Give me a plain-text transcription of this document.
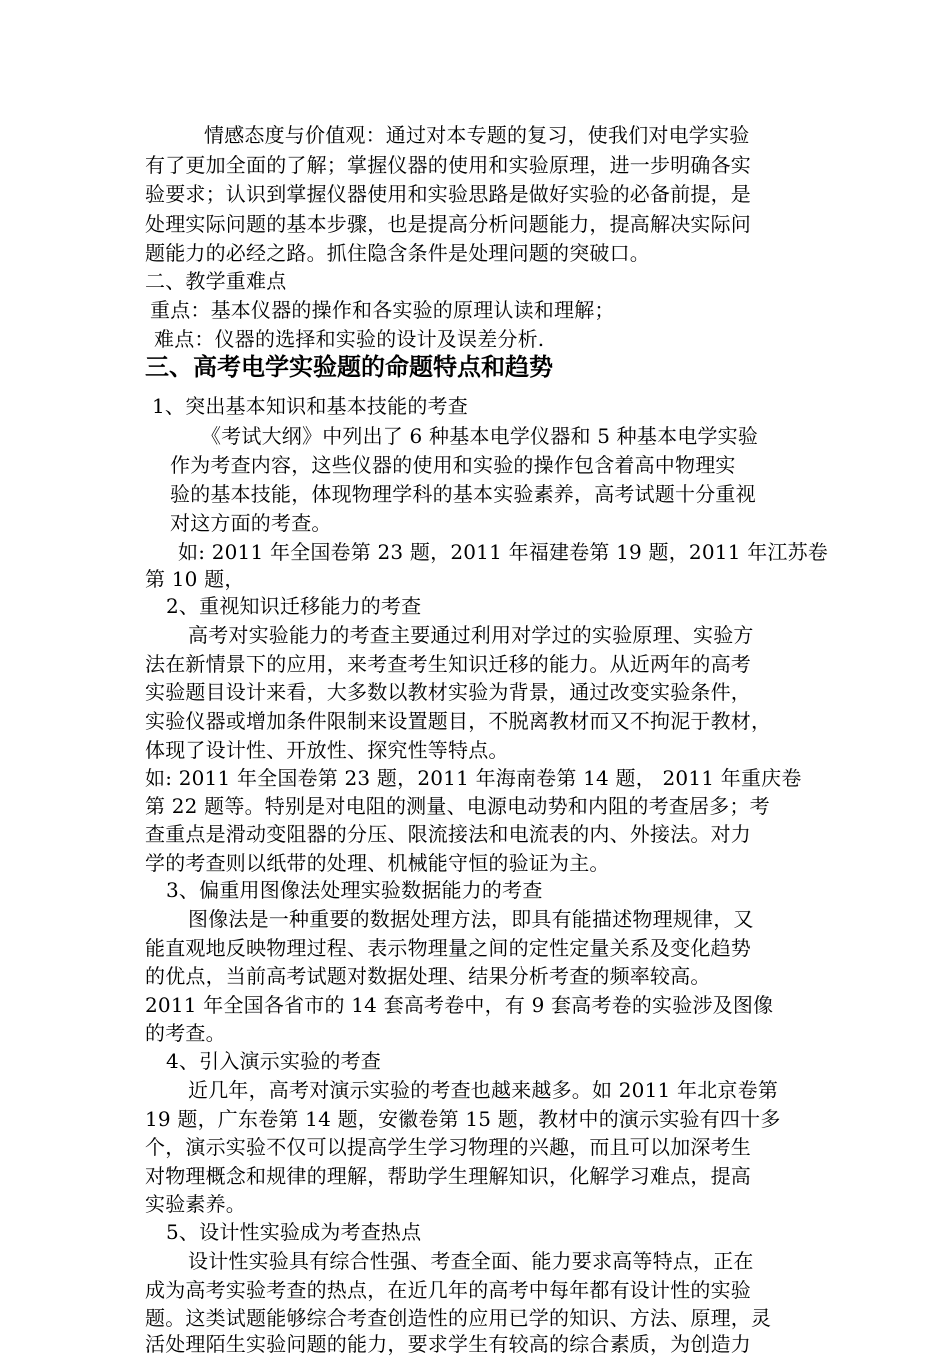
情感态度与价值观：通过对本专题的复习，使我们对电学实验
有了更加全面的了解；掌握仪器的使用和实验原理，进一步明确各实
验要求；认识到掌握仪器使用和实验思路是做好实验的必备前提，是
处理实际问题的基本步骤，也是提高分析问题能力，提高解决实际问
题能力的必经之路。抓住隐含条件是处理问题的突破口。
二、教学重难点
重点：基本仪器的操作和各实验的原理认读和理解；
难点：仪器的选择和实验的设计及误差分析.
三、高考电学实验题的命题特点和趋势
1、突出基本知识和基本技能的考查
《考试大纲》中列出了 6 种基本电学仪器和 5 种基本电学实验
作为考查内容，这些仪器的使用和实验的操作包含着高中物理实
验的基本技能，体现物理学科的基本实验素养，高考试题十分重视
对这方面的考查。
如: 2011 年全国卷第 23 题，2011 年福建卷第 19 题，2011 年江苏卷
第 10 题，
2、重视知识迁移能力的考查
高考对实验能力的考查主要通过利用对学过的实验原理、实验方
法在新情景下的应用，来考查考生知识迁移的能力。从近两年的高考
实验题目设计来看，大多数以教材实验为背景，通过改变实验条件，
实验仪器或增加条件限制来设置题目，不脱离教材而又不拘泥于教材，
体现了设计性、开放性、探究性等特点。
如: 2011 年全国卷第 23 题，2011 年海南卷第 14 题， 2011 年重庆卷
第 22 题等。特别是对电阻的测量、电源电动势和内阻的考查居多；考
查重点是滑动变阻器的分压、限流接法和电流表的内、外接法。对力
学的考查则以纸带的处理、机械能守恒的验证为主。
3、偏重用图像法处理实验数据能力的考查
图像法是一种重要的数据处理方法，即具有能描述物理规律，又
能直观地反映物理过程、表示物理量之间的定性定量关系及变化趋势
的优点，当前高考试题对数据处理、结果分析考查的频率较高。
2011 年全国各省市的 14 套高考卷中，有 9 套高考卷的实验涉及图像
的考查。
4、引入演示实验的考查
近几年，高考对演示实验的考查也越来越多。如 2011 年北京卷第
19 题，广东卷第 14 题，安徽卷第 15 题，教材中的演示实验有四十多
个，演示实验不仅可以提高学生学习物理的兴趣，而且可以加深考生
对物理概念和规律的理解，帮助学生理解知识，化解学习难点，提高
实验素养。
5、设计性实验成为考查热点
设计性实验具有综合性强、考查全面、能力要求高等特点，正在
成为高考实验考查的热点，在近几年的高考中每年都有设计性的实验
题。这类试题能够综合考查创造性的应用已学的知识、方法、原理，灵
活处理陌生实验问题的能力，要求学生有较高的综合素质，为创造力
